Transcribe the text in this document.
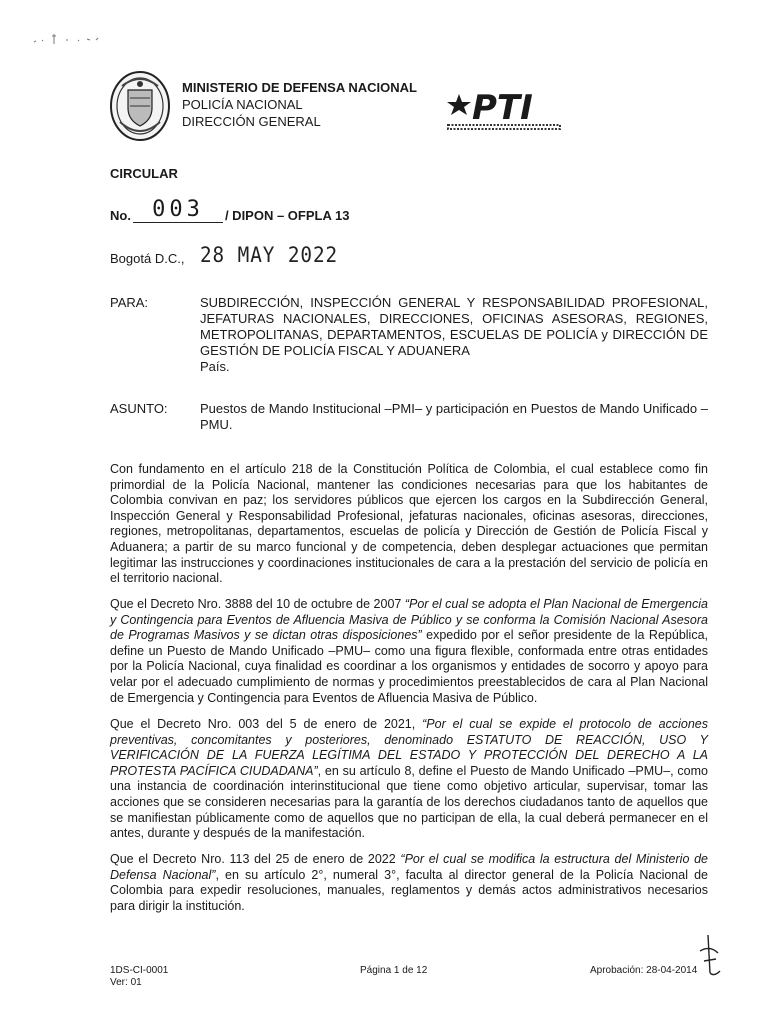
MINISTERIO DE DEFENSA NACIONAL
POLICÍA NACIONAL
DIRECCIÓN GENERAL	PTI
CIRCULAR
No. 003	/ DIPON – OFPLA 13
Bogotá D.C., 28 MAY 2022
PARA:	SUBDIRECCIÓN, INSPECCIÓN GENERAL Y RESPONSABILIDAD PROFESIONAL, JEFATURAS NACIONALES, DIRECCIONES, OFICINAS ASESORAS, REGIONES, METROPOLITANAS, DEPARTAMENTOS, ESCUELAS DE POLICÍA y DIRECCIÓN DE GESTIÓN DE POLICÍA FISCAL Y ADUANERA
País.
ASUNTO: Puestos de Mando Institucional –PMI– y participación en Puestos de Mando Unificado – PMU.
Con fundamento en el artículo 218 de la Constitución Política de Colombia, el cual establece como fin primordial de la Policía Nacional, mantener las condiciones necesarias para que los habitantes de Colombia convivan en paz; los servidores públicos que ejercen los cargos en la Subdirección General, Inspección General y Responsabilidad Profesional, jefaturas nacionales, oficinas asesoras, direcciones, regiones, metropolitanas, departamentos, escuelas de policía y Dirección de Gestión de Policía Fiscal y Aduanera; a partir de su marco funcional y de competencia, deben desplegar actuaciones que permitan legitimar las instrucciones y coordinaciones institucionales de cara a la prestación del servicio de policía en el territorio nacional.
Que el Decreto Nro. 3888 del 10 de octubre de 2007 “Por el cual se adopta el Plan Nacional de Emergencia y Contingencia para Eventos de Afluencia Masiva de Público y se conforma la Comisión Nacional Asesora de Programas Masivos y se dictan otras disposiciones” expedido por el señor presidente de la República, define un Puesto de Mando Unificado –PMU– como una figura flexible, conformada entre otras entidades por la Policía Nacional, cuya finalidad es coordinar a los organismos y entidades de socorro y apoyo para velar por el adecuado cumplimiento de normas y procedimientos preestablecidos de cara al Plan Nacional de Emergencia y Contingencia para Eventos de Afluencia Masiva de Público.
Que el Decreto Nro. 003 del 5 de enero de 2021, “Por el cual se expide el protocolo de acciones preventivas, concomitantes y posteriores, denominado ESTATUTO DE REACCIÓN, USO Y VERIFICACIÓN DE LA FUERZA LEGÍTIMA DEL ESTADO Y PROTECCIÓN DEL DERECHO A LA PROTESTA PACÍFICA CIUDADANA”, en su artículo 8, define el Puesto de Mando Unificado –PMU–, como una instancia de coordinación interinstitucional que tiene como objetivo articular, supervisar, tomar las acciones que se consideren necesarias para la garantía de los derechos ciudadanos tanto de aquellos que se manifiestan públicamente como de aquellos que no participan de ella, la cual deberá permanecer en el antes, durante y después de la manifestación.
Que el Decreto Nro. 113 del 25 de enero de 2022 “Por el cual se modifica la estructura del Ministerio de Defensa Nacional”, en su artículo 2°, numeral 3°, faculta al director general de la Policía Nacional de Colombia para expedir resoluciones, manuales, reglamentos y demás actos administrativos necesarios para dirigir la institución.
1DS-CI-0001
Ver: 01
Página 1 de 12	Aprobación: 28-04-2014
